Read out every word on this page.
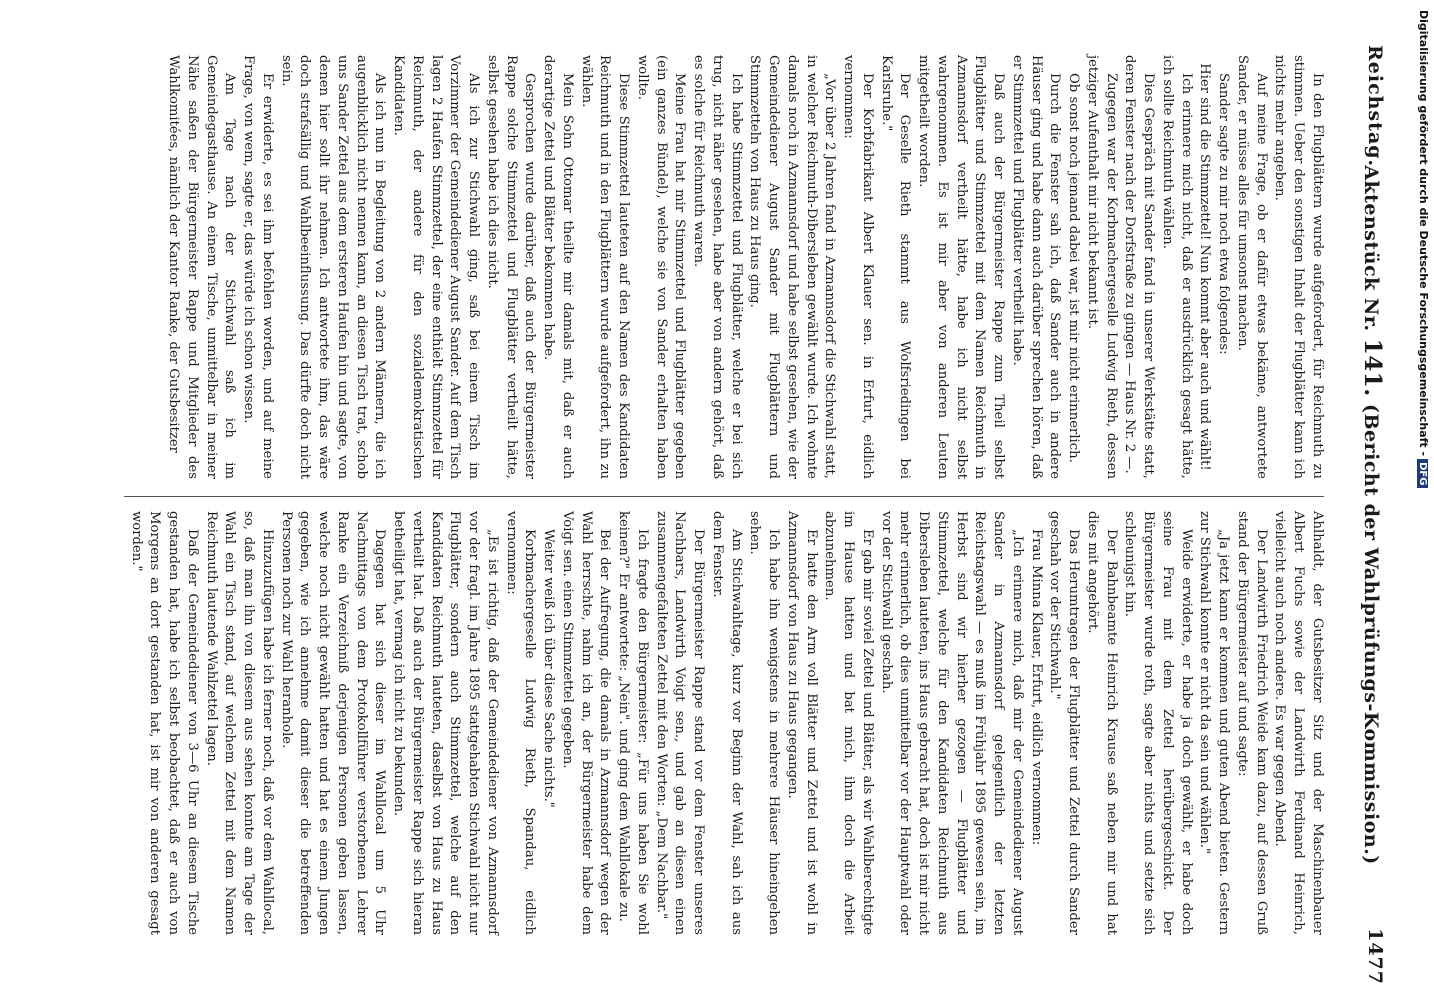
Reichstag.
Aktenstück Nr. 141. (Bericht der Wahlprüfungs-Kommission.)
1477

In den Flugblättern wurde aufgefordert, für Reichmuth zu stimmen. Ueber den sonstigen Inhalt der Flugblätter kann ich nichts mehr angeben.

Auf meine Frage, ob er dafür etwas bekäme, antwortete Sander, er müsse alles für umsonst machen.

Sander sagte zu mir noch etwa folgendes:

Hier sind die Stimmzettel! Nun kommt aber auch und wählt!

Ich erinnere mich nicht, daß er ausdrücklich gesagt hätte, ich sollte Reichmuth wählen.

Dies Gespräch mit Sander fand in unserer Werkstätte statt, deren Fenster nach der Dorfstraße zu gingen — Haus Nr. 2 —.

Zugegen war der Korbmachergeselle Ludwig Rieth, dessen jetziger Aufenthalt mir nicht bekannt ist.

Ob sonst noch jemand dabei war, ist mir nicht erinnerlich.

Durch die Fenster sah ich, daß Sander auch in andere Häuser ging und habe dann auch darüber sprechen hören, daß er Stimmzettel und Flugblätter vertheilt habe.

Daß auch der Bürgermeister Rappe zum Theil selbst Flugblätter und Stimmzettel mit dem Namen Reichmuth in Azmannsdorf vertheilt hätte, habe ich nicht selbst wahrgenommen. Es ist mir aber von anderen Leuten mitgetheilt worden.

Der Geselle Rieth stammt aus Wolfsriedingen bei Karlsruhe."

Der Korbfabrikant Albert Klauer sen. in Erfurt, eidlich vernommen:

„Vor über 2 Jahren fand in Azmannsdorf die Stichwahl statt, in welcher Reichmuth-Dibersleben gewählt wurde. Ich wohnte damals noch in Azmannsdorf und habe selbst gesehen, wie der Gemeindediener August Sander mit Flugblättern und Stimmzetteln von Haus zu Haus ging.

Ich habe Stimmzettel und Flugblätter, welche er bei sich trug, nicht näher gesehen, habe aber von andern gehört, daß es solche für Reichmuth waren.

Meine Frau hat mir Stimmzettel und Flugblätter gegeben (ein ganzes Bündel), welche sie von Sander erhalten haben wollte.

Diese Stimmzettel lauteten auf den Namen des Kandidaten Reichmuth und in den Flugblättern wurde aufgefordert, ihn zu wählen.

Mein Sohn Ottomar theilte mir damals mit, daß er auch derartige Zettel und Blätter bekommen habe.

Gesprochen wurde darüber, daß auch der Bürgermeister Rappe solche Stimmzettel und Flugblätter vertheilt hätte, selbst gesehen habe ich dies nicht.

Als ich zur Stichwahl ging, saß bei einem Tisch im Vorzimmer der Gemeindediener August Sander. Auf dem Tisch lagen 2 Haufen Stimmzettel, der eine enthielt Stimmzettel für Reichmuth, der andere für den sozialdemokratischen Kandidaten.

Als ich nun in Begleitung von 2 andern Männern, die ich augenblicklich nicht nennen kann, an diesen Tisch trat, schob uns Sander Zettel aus dem ersteren Haufen hin und sagte, von denen hier sollt ihr nehmen. Ich antwortete ihm, das wäre doch strafsällig und Wahlbeeinflussung. Das dürfte doch nicht sein.

Er erwiderte, es sei ihm befohlen worden, und auf meine Frage, von wem, sagte er, das würde ich schon wissen.

Am Tage nach der Stichwahl saß ich im Gemeindegasthause. An einem Tische, unmittelbar in meiner Nähe saßen der Bürgermeister Rappe und Mitglieder des Wahlkomitées, nämlich der Kantor Ranke, der Gutsbesitzer

Ahlhaldt, der Gutsbesitzer Sitz und der Maschinenbauer Albert Fuchs sowie der Landwirth Ferdinand Heinrich, vielleicht auch noch andere. Es war gegen Abend.

Der Landwirth Friedrich Weide kam dazu, auf dessen Gruß stand der Bürgermeister auf und sagte:

„Ja jetzt kann er kommen und guten Abend bieten. Gestern zur Stichwahl konnte er nicht da sein und wählen."

Weide erwiderte, er habe ja doch gewählt, er habe doch seine Frau mit dem Zettel herübergeschickt. Der Bürgermeister wurde roth, sagte aber nichts und setzte sich schleunigst hin.

Der Bahnbeamte Heinrich Krause saß neben mir und hat dies mit angehört.

Das Herumtragen der Flugblätter und Zettel durch Sander geschah vor der Stichwahl."

Frau Minna Klauer, Erfurt, eidlich vernommen:

„Ich erinnere mich, daß mir der Gemeindediener August Sander in Azmannsdorf gelegentlich der letzten Reichstagswahl — es muß im Frühjahr 1895 gewesen sein, im Herbst sind wir hierher gezogen — Flugblätter und Stimmzettel, welche für den Kandidaten Reichmuth aus Dibersleben lauteten, ins Haus gebracht hat, doch ist mir nicht mehr erinnerlich, ob dies unmittelbar vor der Hauptwahl oder vor der Stichwahl geschah.

Er gab mir soviel Zettel und Blätter, als wir Wahlberechtigte im Hause hatten und bat mich, ihm doch die Arbeit abzunehmen.

Er hatte den Arm voll Blätter und Zettel und ist wohl in Azmannsdorf von Haus zu Haus gegangen.

Ich habe ihn wenigstens in mehrere Häuser hineingehen sehen.

Am Stichwahltage, kurz vor Beginn der Wahl, sah ich aus dem Fenster.

Der Bürgermeister Rappe stand vor dem Fenster unseres Nachbars, Landwirth Voigt sen., und gab an diesen einen zusammengefalteten Zettel mit den Worten: „Dem Nachbar."

Ich fragte den Bürgermeister: „Für uns haben Sie wohl keinen?" Er antwortete: „Nein". und ging dem Wahllokale zu.

Bei der Aufregung, die damals in Azmannsdorf wegen der Wahl herrschte, nahm ich an, der Bürgermeister habe dem Voigt sen. einen Stimmzettel gegeben.

Weiter weiß ich über diese Sache nichts."

Korbmachergeselle Ludwig Rieth, Spandau, eidlich vernommen:

„Es ist richtig, daß der Gemeindediener von Azmannsdorf vor der fragl. im Jahre 1895 stattgehabten Stichwahl nicht nur Flugblätter, sondern auch Stimmzettel, welche auf den Kandidaten Reichmuth lauteten, daselbst von Haus zu Haus vertheilt hat. Daß auch der Bürgermeister Rappe sich hieran betheiligt hat, vermag ich nicht zu bekunden.

Dagegen hat sich dieser im Wahllocal um 5 Uhr Nachmittags von dem Protokollführer verstorbenen Lehrer Ranke ein Verzeichniß derjenigen Personen geben lassen, welche noch nicht gewählt hatten und hat es einem Jungen gegeben, wie ich annehme damit dieser die betreffenden Personen noch zur Wahl heranhole.

Hinzuzufügen habe ich ferner noch, daß vor dem Wahllocal, so, daß man ihn von diesem aus sehen konnte am Tage der Wahl ein Tisch stand, auf welchem Zettel mit dem Namen Reichmuth lautende Wahlzettel lagen.

Daß der Gemeindediener von 3—6 Uhr an diesem Tische gestanden hat, habe ich selbst beobachtet, daß er auch von Morgens an dort gestanden hat, ist mir von anderen gesagt worden."

Digitalisierung gefördert durch die Deutsche Forschungsgemeinschaft -DFG
